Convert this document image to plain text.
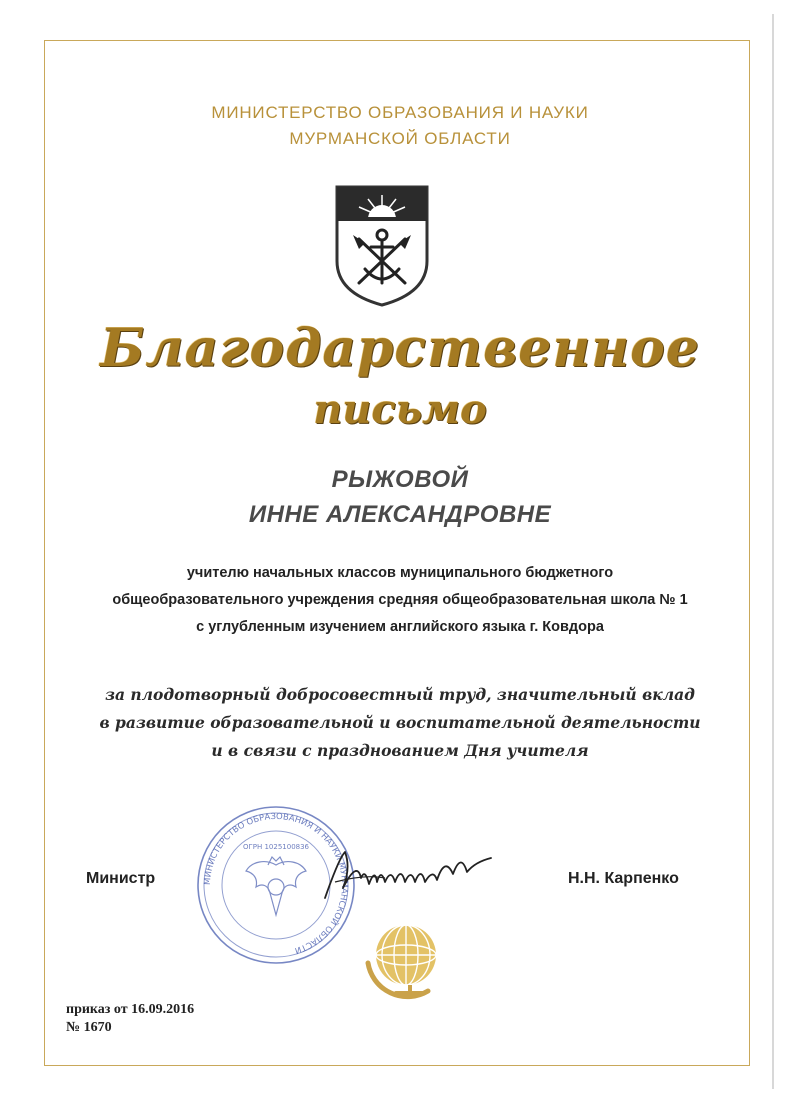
МИНИСТЕРСТВО ОБРАЗОВАНИЯ И НАУКИ
МУРМАНСКОЙ ОБЛАСТИ
Благодарственное
письмо
РЫЖОВОЙ
ИННЕ АЛЕКСАНДРОВНЕ
учителю начальных классов муниципального бюджетного
общеобразовательного учреждения средняя общеобразовательная школа № 1
с углубленным изучением английского языка г. Ковдора
за плодотворный добросовестный труд, значительный вклад
в развитие образовательной и воспитательной деятельности
и в связи с празднованием Дня учителя
МИНИСТЕРСТВО ОБРАЗОВАНИЯ И НАУКИ МУРМАНСКОЙ ОБЛАСТИ
ОГРН 1025100836
Министр	Н.Н. Карпенко
приказ от 16.09.2016
№ 1670
